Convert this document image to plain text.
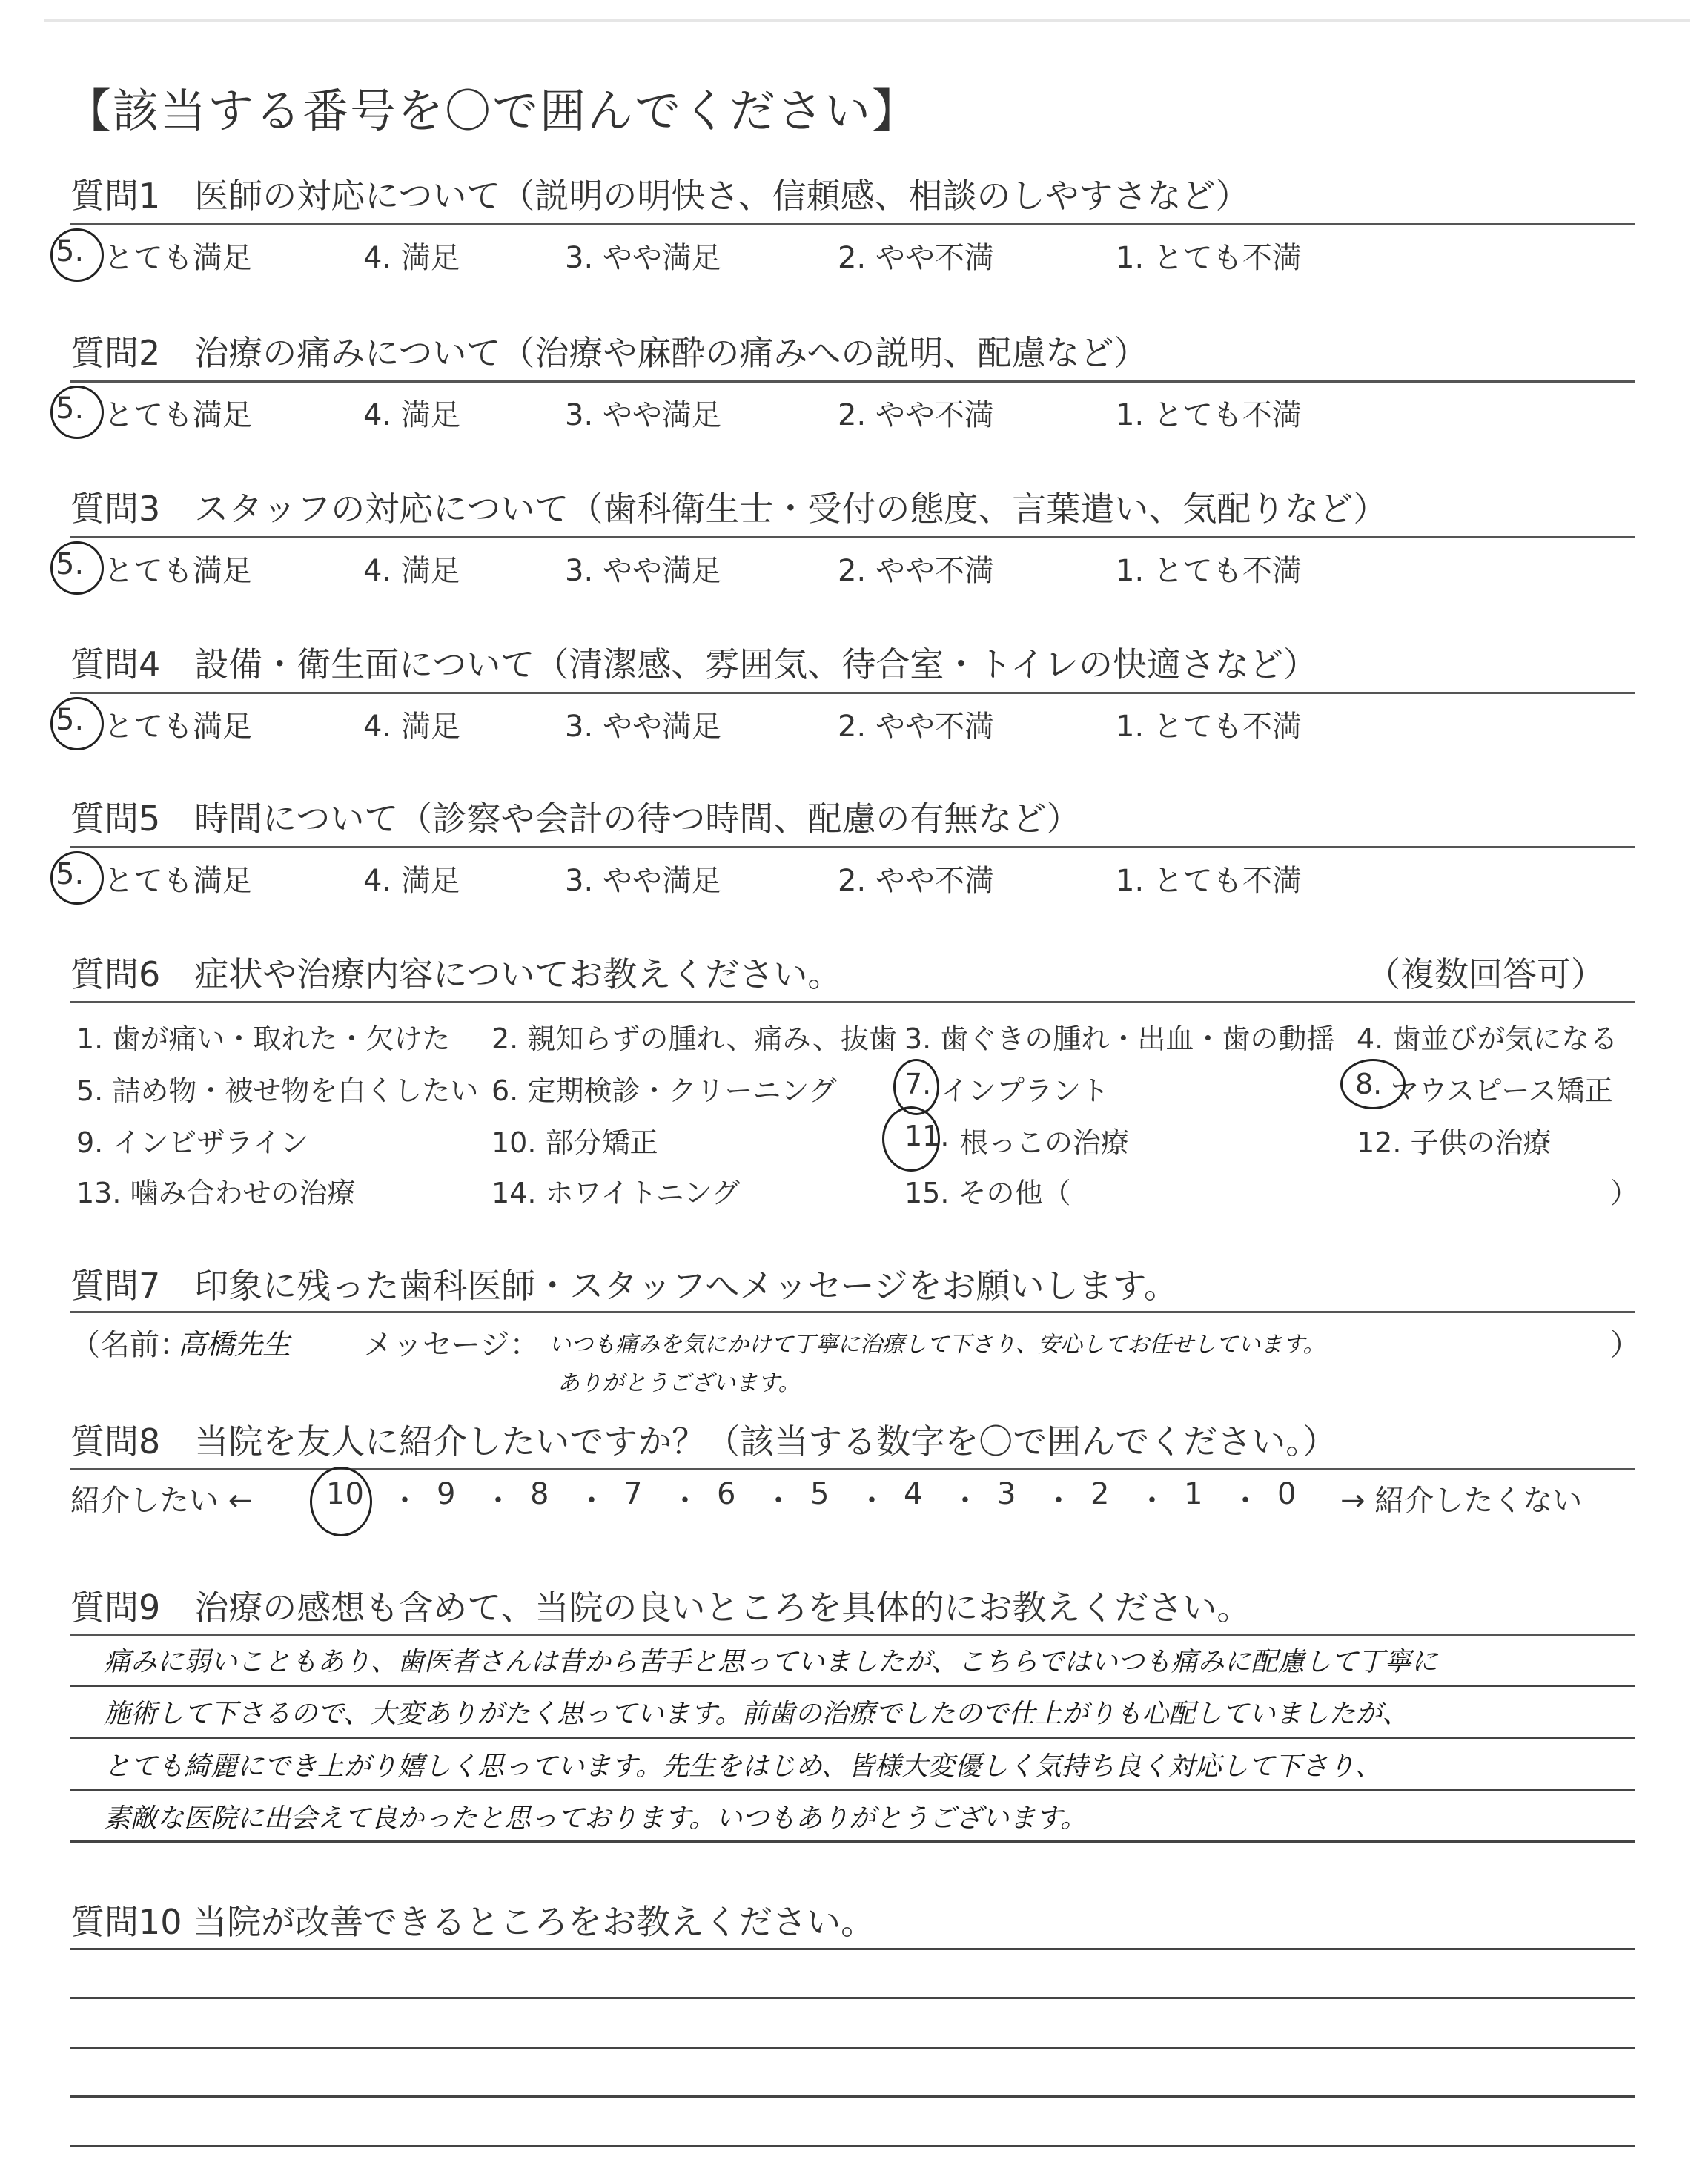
【該当する番号を〇で囲んでください】
質問1　医師の対応について（説明の明快さ、信頼感、相談のしやすさなど）
5. とても満足	4. 満足	3. やや満足	2. やや不満	1. とても不満
質問2　治療の痛みについて（治療や麻酔の痛みへの説明、配慮など）
5. とても満足	4. 満足	3. やや満足	2. やや不満	1. とても不満
質問3　スタッフの対応について（歯科衛生士・受付の態度、言葉遣い、気配りなど）
5. とても満足	4. 満足	3. やや満足	2. やや不満	1. とても不満
質問4　設備・衛生面について（清潔感、雰囲気、待合室・トイレの快適さなど）
5. とても満足	4. 満足	3. やや満足	2. やや不満	1. とても不満
質問5　時間について（診察や会計の待つ時間、配慮の有無など）
5. とても満足	4. 満足	3. やや満足	2. やや不満	1. とても不満
質問6　症状や治療内容についてお教えください。	（複数回答可）
1. 歯が痛い・取れた・欠けた 2. 親知らずの腫れ、痛み、抜歯 3. 歯ぐきの腫れ・出血・歯の動揺 4. 歯並びが気になる
5. 詰め物・被せ物を白くしたい 6. 定期検診・クリーニング 7. インプラント	8. マウスピース矯正
9. インビザライン	10. 部分矯正	11. 根っこの治療	12. 子供の治療
13. 噛み合わせの治療	14. ホワイトニング	15. その他（	）
質問7　印象に残った歯科医師・スタッフへメッセージをお願いします。
（名前：
高橋先生 メッセージ： いつも痛みを気にかけて丁寧に治療して下さり、安心してお任せしています。
ありがとうございます。
）
質問8　当院を友人に紹介したいですか？（該当する数字を〇で囲んでください。）
紹介したい ← 10 ・ 9 ・ 8 ・ 7 ・ 6 ・ 5 ・ 4 ・ 3 ・ 2 ・ 1 ・ 0 → 紹介したくない
質問9　治療の感想も含めて、当院の良いところを具体的にお教えください。
痛みに弱いこともあり、歯医者さんは昔から苦手と思っていましたが、こちらではいつも痛みに配慮して丁寧に
施術して下さるので、大変ありがたく思っています。前歯の治療でしたので仕上がりも心配していましたが、
とても綺麗にでき上がり嬉しく思っています。先生をはじめ、皆様大変優しく気持ち良く対応して下さり、
素敵な医院に出会えて良かったと思っております。いつもありがとうございます。
質問10 当院が改善できるところをお教えください。
